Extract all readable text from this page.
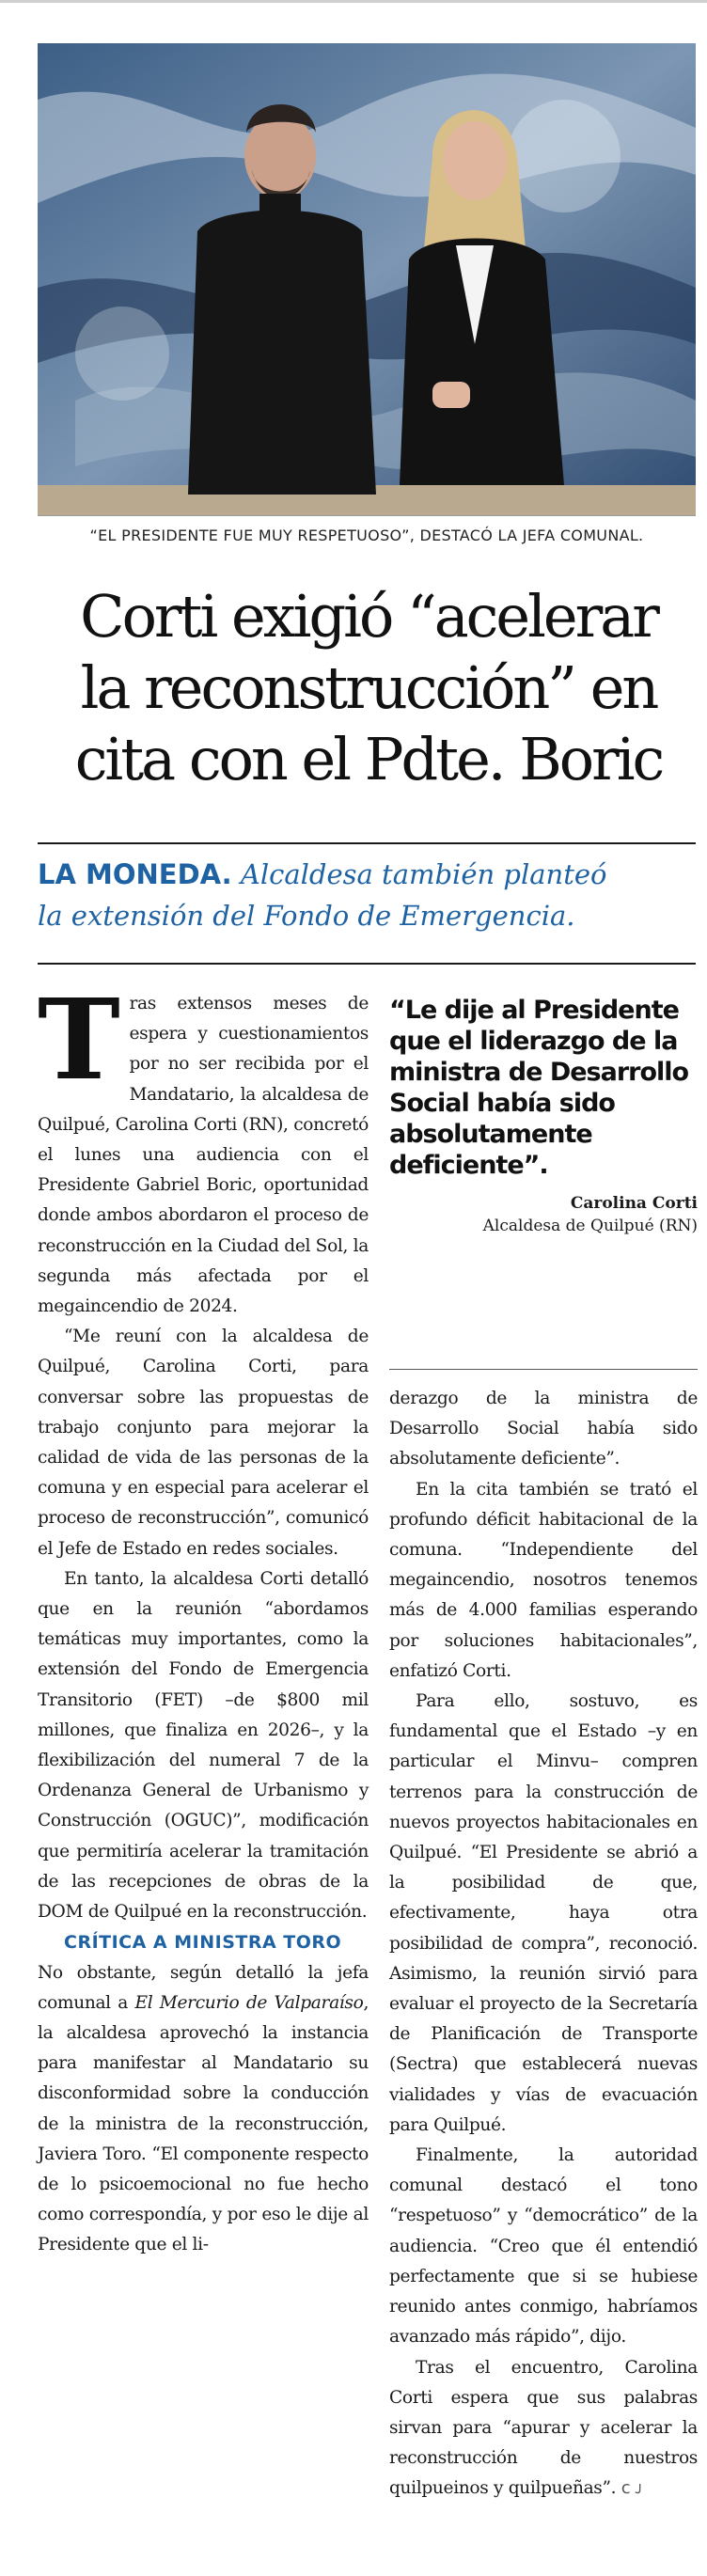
“EL PRESIDENTE FUE MUY RESPETUOSO”, DESTACÓ LA JEFA COMUNAL.
Corti exigió “acelerar
la reconstrucción” en
cita con el Pdte. Boric
LA MONEDA. Alcaldesa también planteó
la extensión del Fondo de Emergencia.

Tras extensos meses de espera y cuestionamientos por no ser recibida por el Mandatario, la alcaldesa de Quilpué, Carolina Corti (RN), concretó el lunes una audiencia con el Presidente Gabriel Boric, oportunidad donde ambos abordaron el proceso de reconstrucción en la Ciudad del Sol, la segunda más afectada por el megaincendio de 2024.

“Me reuní con la alcaldesa de Quilpué, Carolina Corti, para conversar sobre las propuestas de trabajo conjunto para mejorar la calidad de vida de las personas de la comuna y en especial para acelerar el proceso de reconstrucción”, comunicó el Jefe de Estado en redes sociales.

En tanto, la alcaldesa Corti detalló que en la reunión “abordamos temáticas muy importantes, como la extensión del Fondo de Emergencia Transitorio (FET) –de $800 mil millones, que finaliza en 2026–, y la flexibilización del numeral 7 de la Ordenanza General de Urbanismo y Construcción (OGUC)”, modificación que permitiría acelerar la tramitación de las recepciones de obras de la DOM de Quilpué en la reconstrucción.

CRÍTICA A MINISTRA TORO

No obstante, según detalló la jefa comunal a El Mercurio de Valparaíso, la alcaldesa aprovechó la instancia para manifestar al Mandatario su disconformidad sobre la conducción de la ministra de la reconstrucción, Javiera Toro. “El componente respecto de lo psicoemocional no fue hecho como correspondía, y por eso le dije al Presidente que el li-

“Le dije al Presidente que el liderazgo de la ministra de Desarrollo Social había sido absolutamente deficiente”.
Carolina Corti
Alcaldesa de Quilpué (RN)

derazgo de la ministra de Desarrollo Social había sido absolutamente deficiente”.

En la cita también se trató el profundo déficit habitacional de la comuna. “Independiente del megaincendio, nosotros tenemos más de 4.000 familias esperando por soluciones habitacionales”, enfatizó Corti.

Para ello, sostuvo, es fundamental que el Estado –y en particular el Minvu– compren terrenos para la construcción de nuevos proyectos habitacionales en Quilpué. “El Presidente se abrió a la posibilidad de que, efectivamente, haya otra posibilidad de compra”, reconoció. Asimismo, la reunión sirvió para evaluar el proyecto de la Secretaría de Planificación de Transporte (Sectra) que establecerá nuevas vialidades y vías de evacuación para Quilpué.

Finalmente, la autoridad comunal destacó el tono “respetuoso” y “democrático” de la audiencia. “Creo que él entendió perfectamente que si se hubiese reunido antes conmigo, habríamos avanzado más rápido”, dijo.

Tras el encuentro, Carolina Corti espera que sus palabras sirvan para “apurar y acelerar la reconstrucción de nuestros quilpueinos y quilpueñas”. ᴄ ᴊ
